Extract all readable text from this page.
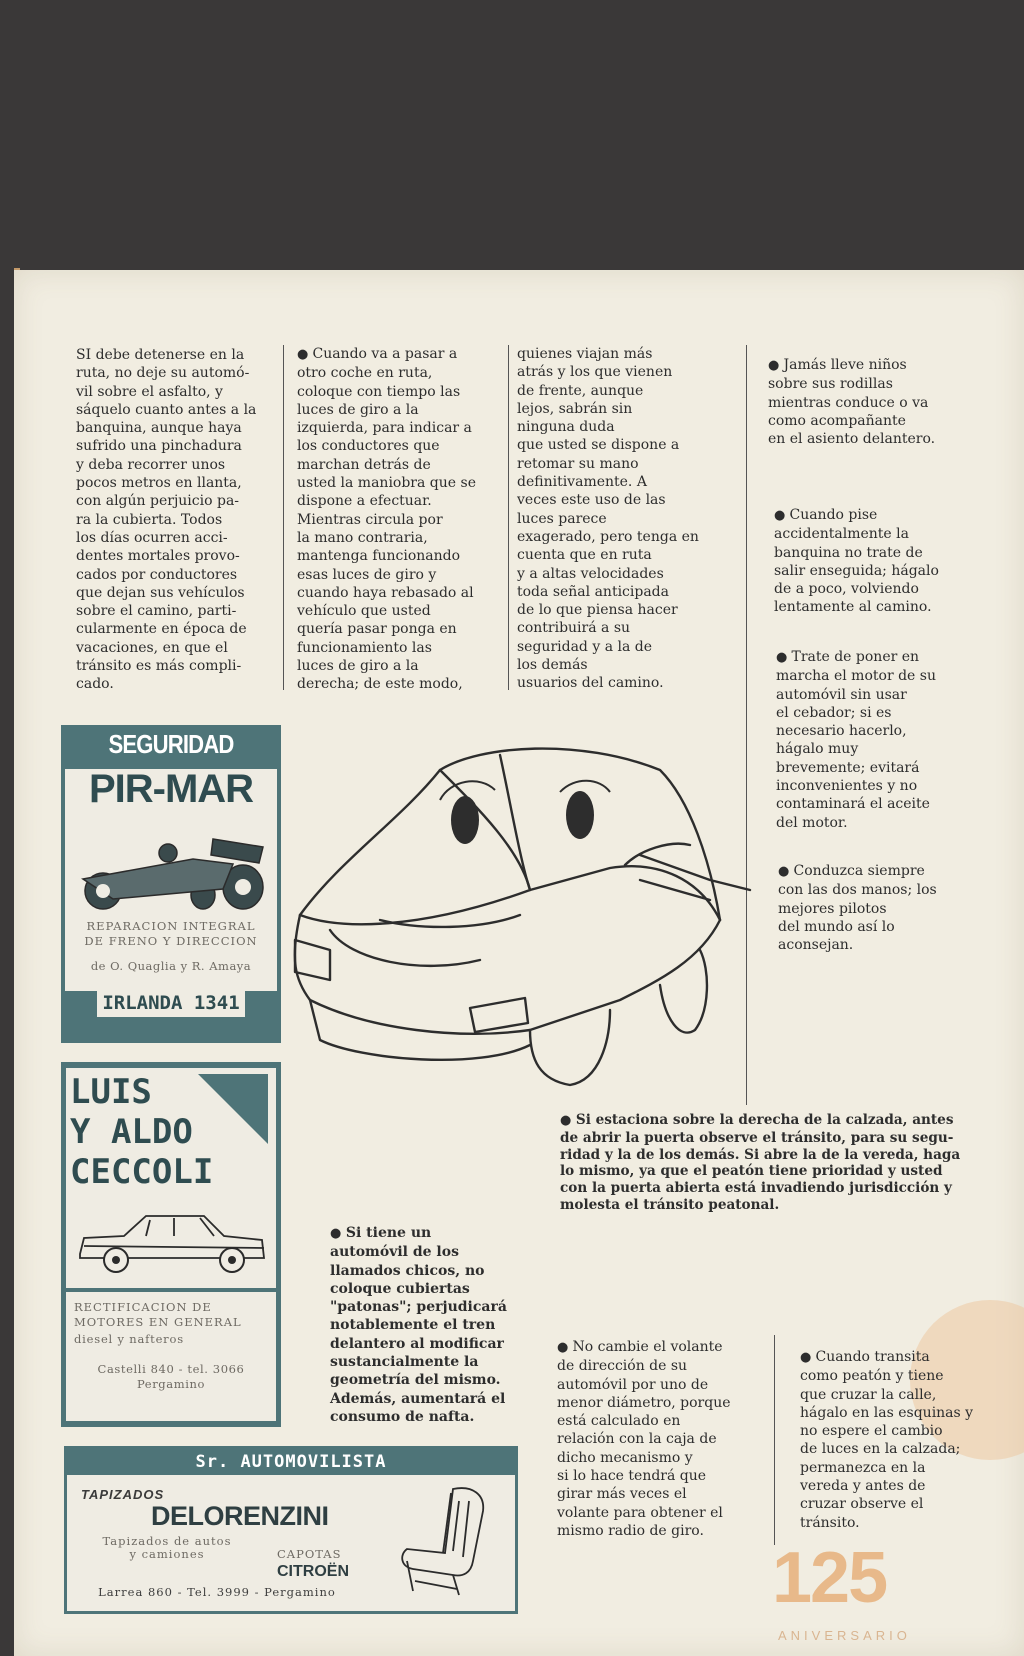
SI debe detenerse en la
ruta, no deje su automó-
vil sobre el asfalto, y
sáquelo cuanto antes a la
banquina, aunque haya
sufrido una pinchadura
y deba recorrer unos
pocos metros en llanta,
con algún perjuicio pa-
ra la cubierta. Todos
los días ocurren acci-
dentes mortales provo-
cados por conductores
que dejan sus vehículos
sobre el camino, parti-
cularmente en época de
vacaciones, en que el
tránsito es más compli-
cado.
● Cuando va a pasar a
otro coche en ruta,
coloque con tiempo las
luces de giro a la
izquierda, para indicar a
los conductores que
marchan detrás de
usted la maniobra que se
dispone a efectuar.
Mientras circula por
la mano contraria,
mantenga funcionando
esas luces de giro y
cuando haya rebasado al
vehículo que usted
quería pasar ponga en
funcionamiento las
luces de giro a la
derecha; de este modo,
quienes viajan más
atrás y los que vienen
de frente, aunque
lejos, sabrán sin
ninguna duda
que usted se dispone a
retomar su mano
definitivamente. A
veces este uso de las
luces parece
exagerado, pero tenga en
cuenta que en ruta
y a altas velocidades
toda señal anticipada
de lo que piensa hacer
contribuirá a su
seguridad y a la de
los demás
usuarios del camino.
● Jamás lleve niños
sobre sus rodillas
mientras conduce o va
como acompañante
en el asiento delantero.
● Cuando pise
accidentalmente la
banquina no trate de
salir enseguida; hágalo
de a poco, volviendo
lentamente al camino.
● Trate de poner en
marcha el motor de su
automóvil sin usar
el cebador; si es
necesario hacerlo,
hágalo muy
brevemente; evitará
inconvenientes y no
contaminará el aceite
del motor.
● Conduzca siempre
con las dos manos; los
mejores pilotos
del mundo así lo
aconsejan.
● Si estaciona sobre la derecha de la calzada, antes
de abrir la puerta observe el tránsito, para su segu-
ridad y la de los demás. Si abre la de la vereda, haga
lo mismo, ya que el peatón tiene prioridad y usted
con la puerta abierta está invadiendo jurisdicción y
molesta el tránsito peatonal.
● Si tiene un
automóvil de los
llamados chicos, no
coloque cubiertas
"patonas"; perjudicará
notablemente el tren
delantero al modificar
sustancialmente la
geometría del mismo.
Además, aumentará el
consumo de nafta.
● No cambie el volante
de dirección de su
automóvil por uno de
menor diámetro, porque
está calculado en
relación con la caja de
dicho mecanismo y
si lo hace tendrá que
girar más veces el
volante para obtener el
mismo radio de giro.
● Cuando transita
como peatón y tiene
que cruzar la calle,
hágalo en las esquinas y
no espere el cambio
de luces en la calzada;
permanezca en la
vereda y antes de
cruzar observe el
tránsito.
SEGURIDAD
PIR-MAR
REPARACION INTEGRAL
DE FRENO Y DIRECCION
de O. Quaglia y R. Amaya
IRLANDA 1341
LUIS
Y ALDO
CECCOLI
RECTIFICACION DE
MOTORES EN GENERAL
diesel y nafteros
Castelli 840 - tel. 3066
Pergamino
Sr. AUTOMOVILISTA
TAPIZADOS
DELORENZINI
Tapizados de autos
y camiones	CAPOTAS
CITROËN
Larrea 860 - Tel. 3999 - Pergamino	125
ANIVERSARIO
